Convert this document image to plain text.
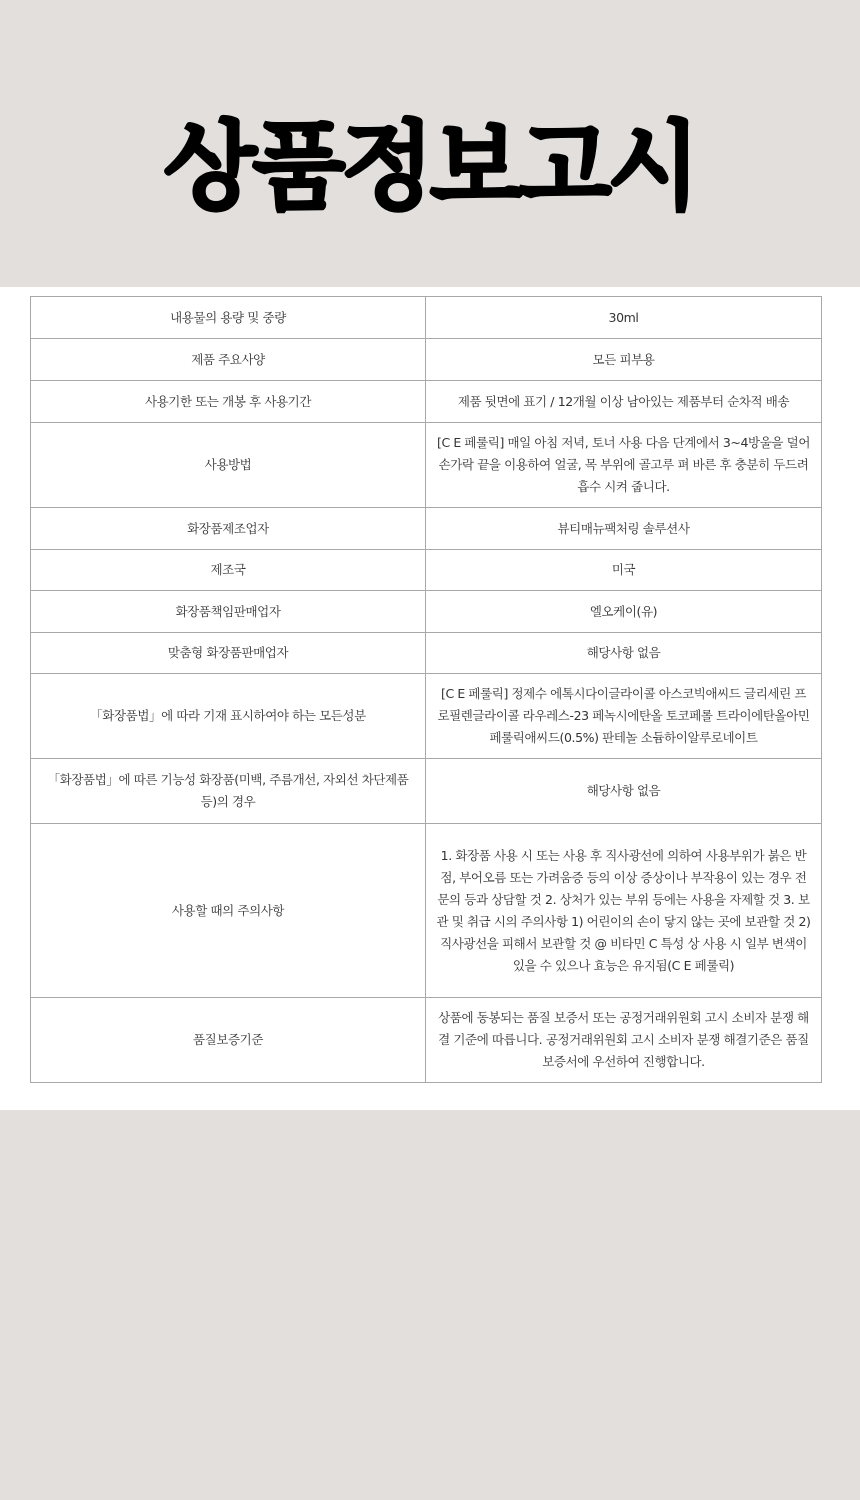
상품정보고시
내용물의 용량 및 중량	30ml
제품 주요사양	모든 피부용
사용기한 또는 개봉 후 사용기간	제품 뒷면에 표기 / 12개월 이상 남아있는 제품부터 순차적 배송
사용방법	[C E 페룰릭] 매일 아침 저녁, 토너 사용 다음 단계에서 3~4방울을 덜어 손가락 끝을 이용하여 얼굴, 목 부위에 골고루 펴 바른 후 충분히 두드려 흡수 시켜 줍니다.
화장품제조업자	뷰티매뉴팩처링 솔루션사
제조국	미국
화장품책임판매업자	엘오케이(유)
맞춤형 화장품판매업자	해당사항 없음
「화장품법」에 따라 기재 표시하여야 하는 모든성분	[C E 페룰릭] 정제수 에톡시다이글라이콜 아스코빅애씨드 글리세린 프로필렌글라이콜 라우레스-23 페녹시에탄올 토코페롤 트라이에탄올아민 페룰릭애씨드(0.5%) 판테놀 소듐하이알루로네이트
「화장품법」에 따른 기능성 화장품(미백, 주름개선, 자외선 차단제품 등)의 경우	해당사항 없음
사용할 때의 주의사항	1. 화장품 사용 시 또는 사용 후 직사광선에 의하여 사용부위가 붉은 반점, 부어오름 또는 가려움증 등의 이상 증상이나 부작용이 있는 경우 전문의 등과 상담할 것 2. 상처가 있는 부위 등에는 사용을 자제할 것 3. 보관 및 취급 시의 주의사항 1) 어린이의 손이 닿지 않는 곳에 보관할 것 2) 직사광선을 피해서 보관할 것 @ 비타민 C 특성 상 사용 시 일부 변색이 있을 수 있으나 효능은 유지됨(C E 페룰릭)
품질보증기준	상품에 동봉되는 품질 보증서 또는 공정거래위원회 고시 소비자 분쟁 해결 기준에 따릅니다. 공정거래위원회 고시 소비자 분쟁 해결기준은 품질 보증서에 우선하여 진행합니다.
